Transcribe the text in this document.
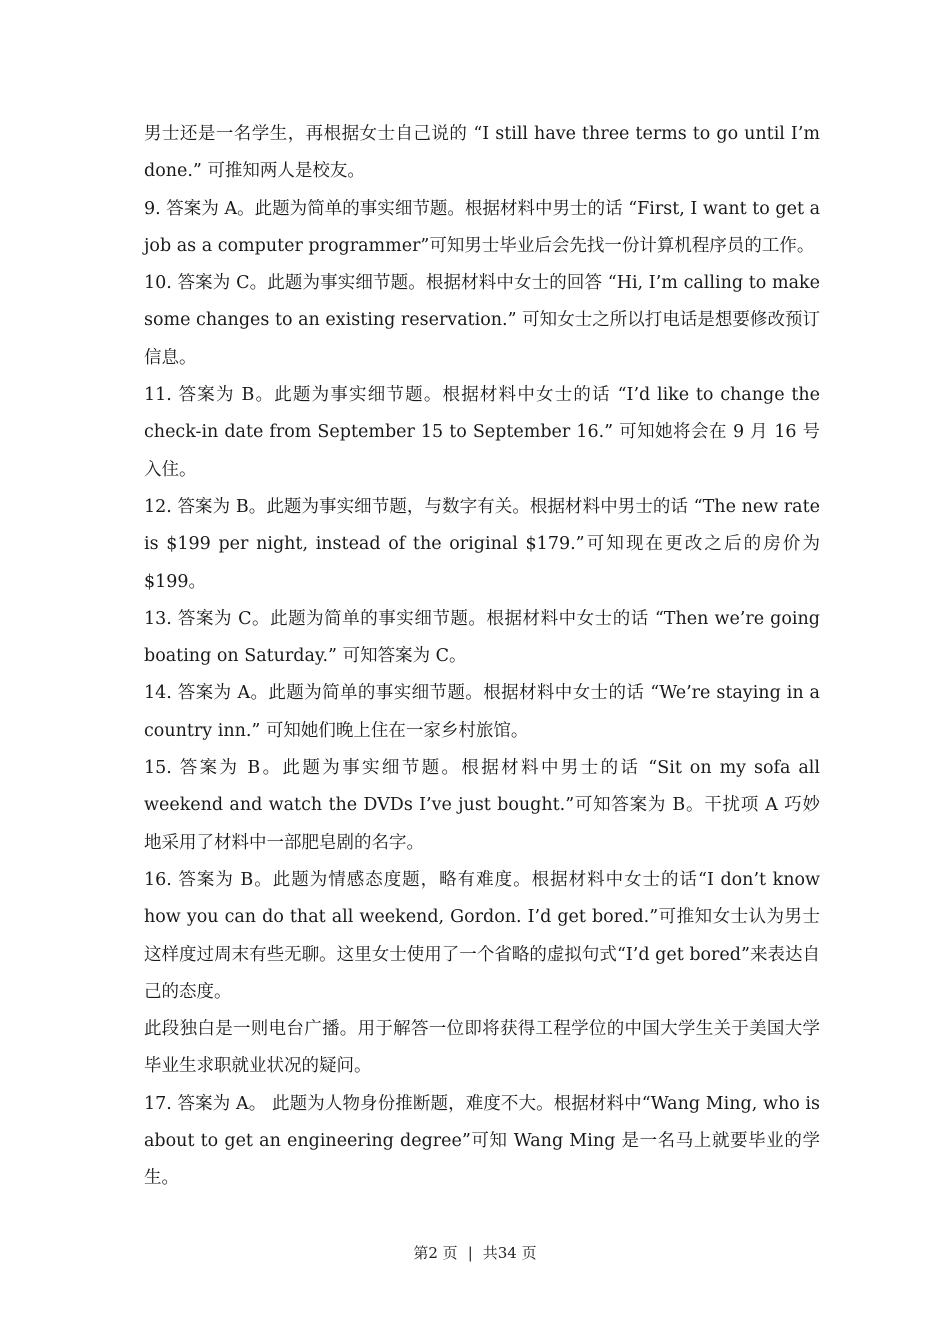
男士还是一名学生，再根据女士自己说的 “I still have three terms to go until I’m done.” 可推知两人是校友。

9. 答案为 A。此题为简单的事实细节题。根据材料中男士的话 “First, I want to get a job as a computer programmer”可知男士毕业后会先找一份计算机程序员的工作。

10. 答案为 C。此题为事实细节题。根据材料中女士的回答 “Hi, I’m calling to make some changes to an existing reservation.” 可知女士之所以打电话是想要修改预订信息。

11. 答案为 B。此题为事实细节题。根据材料中女士的话 “I’d like to change the check-in date from September 15 to September 16.” 可知她将会在 9 月 16 号入住。

12. 答案为 B。此题为事实细节题，与数字有关。根据材料中男士的话 “The new rate is $199 per night, instead of the original $179.”可知现在更改之后的房价为 $199。

13. 答案为 C。此题为简单的事实细节题。根据材料中女士的话 “Then we’re going boating on Saturday.” 可知答案为 C。

14. 答案为 A。此题为简单的事实细节题。根据材料中女士的话 “We’re staying in a country inn.” 可知她们晚上住在一家乡村旅馆。

15. 答案为 B。此题为事实细节题。根据材料中男士的话 “Sit on my sofa all weekend and watch the DVDs I’ve just bought.”可知答案为 B。干扰项 A 巧妙地采用了材料中一部肥皂剧的名字。

16. 答案为 B。此题为情感态度题，略有难度。根据材料中女士的话“I don’t know how you can do that all weekend, Gordon. I’d get bored.”可推知女士认为男士这样度过周末有些无聊。这里女士使用了一个省略的虚拟句式“I’d get bored”来表达自己的态度。

此段独白是一则电台广播。用于解答一位即将获得工程学位的中国大学生关于美国大学毕业生求职就业状况的疑问。

17. 答案为 A。 此题为人物身份推断题，难度不大。根据材料中“Wang Ming, who is about to get an engineering degree”可知 Wang Ming 是一名马上就要毕业的学生。

第2 页 | 共34 页
